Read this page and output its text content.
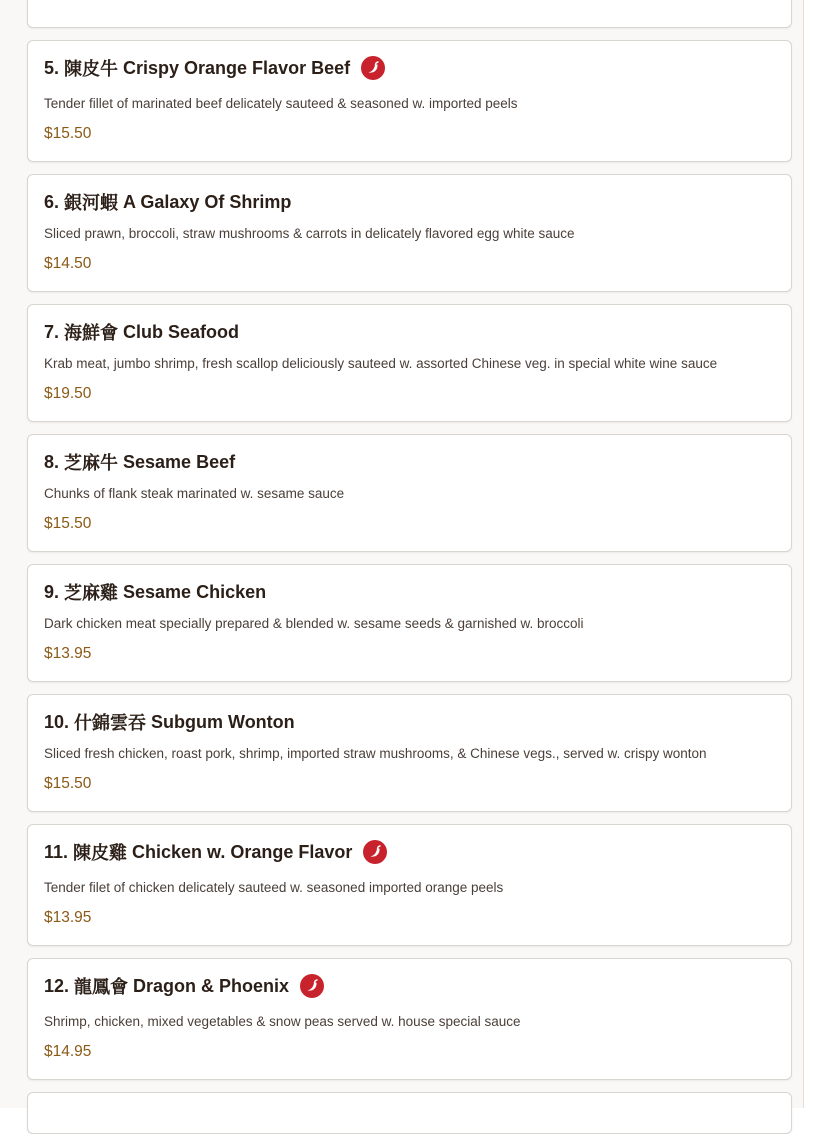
5. 陳皮牛 Crispy Orange Flavor Beef
Tender fillet of marinated beef delicately sauteed & seasoned w. imported peels
$15.50
6. 銀河蝦 A Galaxy Of Shrimp
Sliced prawn, broccoli, straw mushrooms & carrots in delicately flavored egg white sauce
$14.50
7. 海鮮會 Club Seafood
Krab meat, jumbo shrimp, fresh scallop deliciously sauteed w. assorted Chinese veg. in special white wine sauce
$19.50
8. 芝麻牛 Sesame Beef
Chunks of flank steak marinated w. sesame sauce
$15.50
9. 芝麻雞 Sesame Chicken
Dark chicken meat specially prepared & blended w. sesame seeds & garnished w. broccoli
$13.95
10. 什錦雲吞 Subgum Wonton
Sliced fresh chicken, roast pork, shrimp, imported straw mushrooms, & Chinese vegs., served w. crispy wonton
$15.50
11. 陳皮雞 Chicken w. Orange Flavor
Tender filet of chicken delicately sauteed w. seasoned imported orange peels
$13.95
12. 龍鳳會 Dragon & Phoenix
Shrimp, chicken, mixed vegetables & snow peas served w. house special sauce
$14.95
